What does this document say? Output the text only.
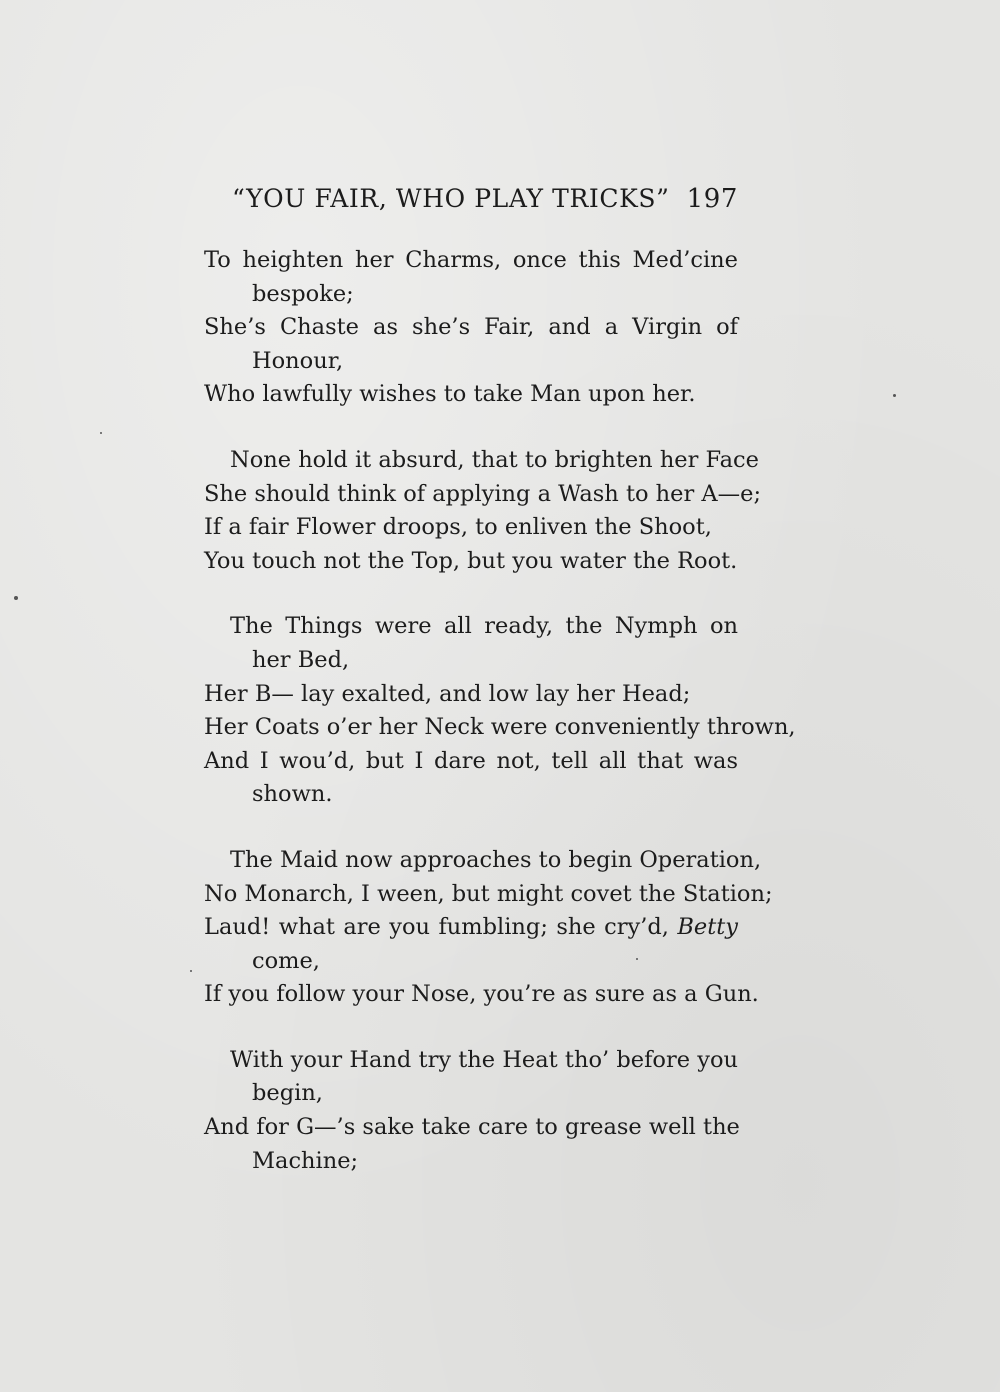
“YOU FAIR, WHO PLAY TRICKS” 197
To heighten her Charms, once this Med’cine
bespoke;
She’s Chaste as she’s Fair, and a Virgin of
Honour,
Who lawfully wishes to take Man upon her.
None hold it absurd, that to brighten her Face
She should think of applying a Wash to her A—e;
If a fair Flower droops, to enliven the Shoot,
You touch not the Top, but you water the Root.
The Things were all ready, the Nymph on
her Bed,
Her B— lay exalted, and low lay her Head;
Her Coats o’er her Neck were conveniently thrown,
And I wou’d, but I dare not, tell all that was
shown.
The Maid now approaches to begin Operation,
No Monarch, I ween, but might covet the Station;
Laud! what are you fumbling; she cry’d, Betty
come,
If you follow your Nose, you’re as sure as a Gun.
With your Hand try the Heat tho’ before you
begin,
And for G—’s sake take care to grease well the
Machine;
